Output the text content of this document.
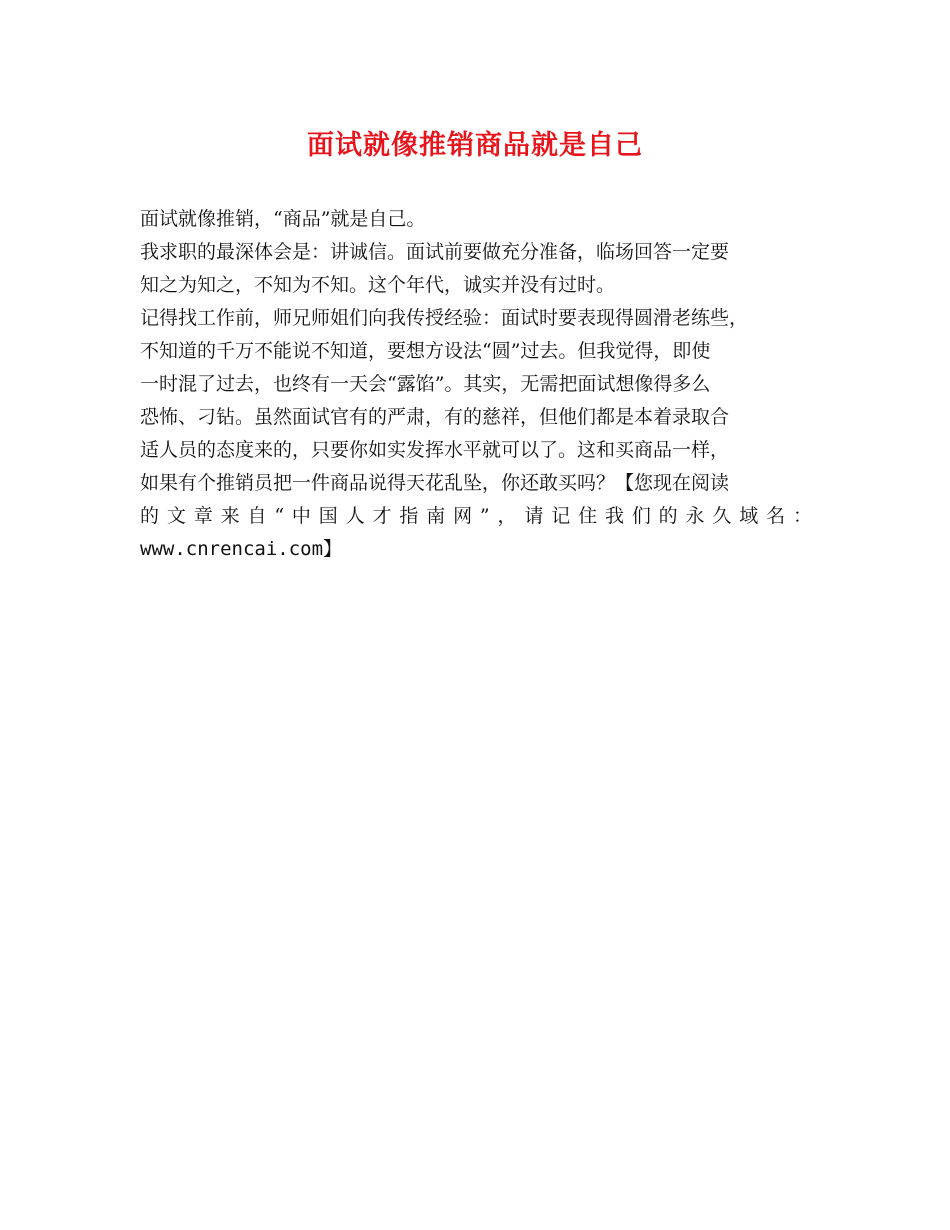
面试就像推销商品就是自己
面试就像推销，“商品”就是自己。
我求职的最深体会是：讲诚信。面试前要做充分准备，临场回答一定要
知之为知之，不知为不知。这个年代，诚实并没有过时。
记得找工作前，师兄师姐们向我传授经验：面试时要表现得圆滑老练些，
不知道的千万不能说不知道，要想方设法“圆”过去。但我觉得，即使
一时混了过去，也终有一天会“露馅”。其实，无需把面试想像得多么
恐怖、刁钻。虽然面试官有的严肃，有的慈祥，但他们都是本着录取合
适人员的态度来的，只要你如实发挥水平就可以了。这和买商品一样，
如果有个推销员把一件商品说得天花乱坠，你还敢买吗？【您现在阅读
的文章来自“中国人才指南网”，请记住我们的永久域名：
www.cnrencai.com】
